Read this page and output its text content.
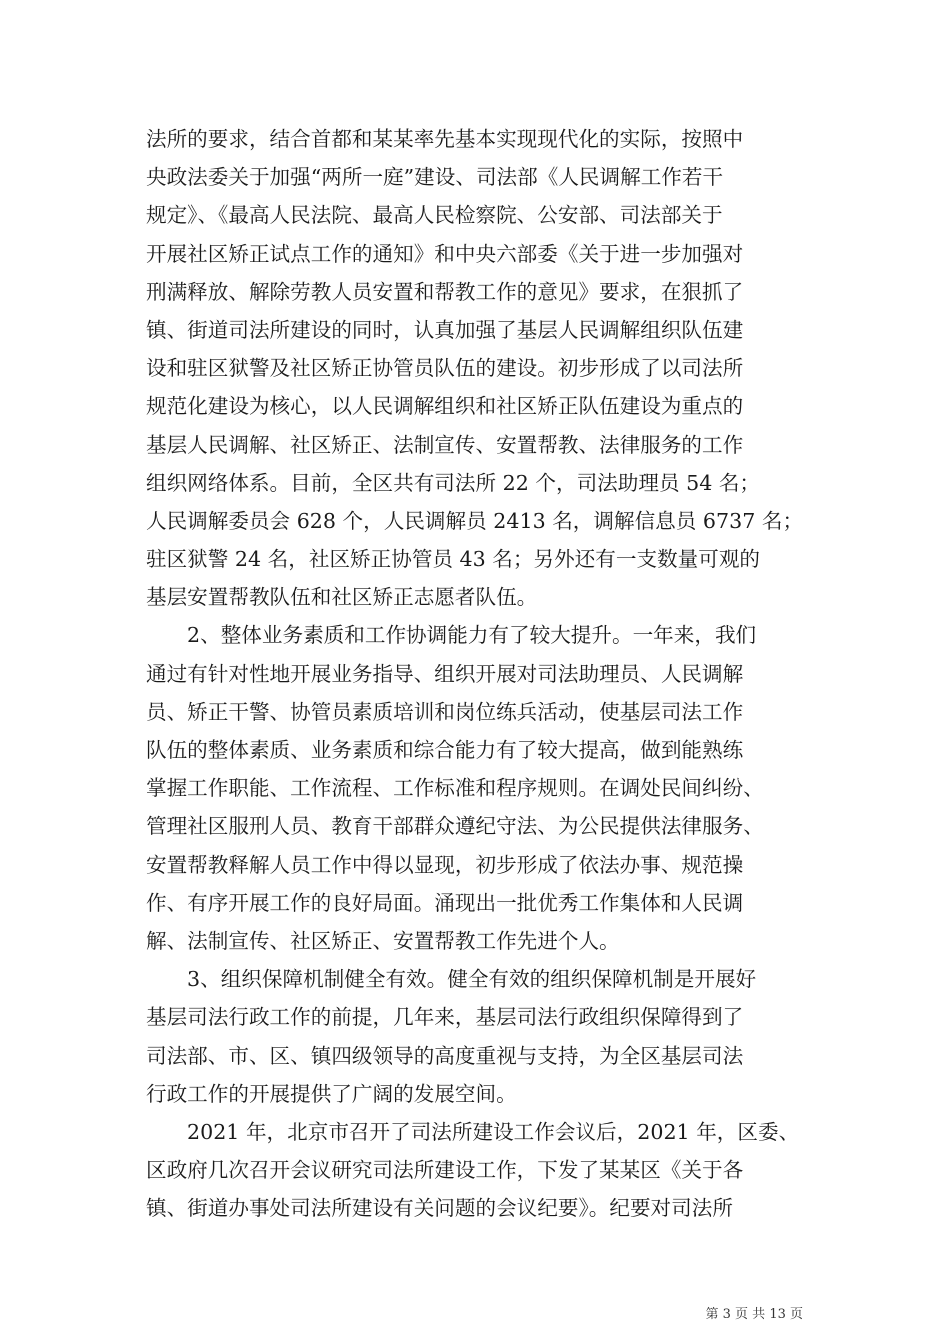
法所的要求，结合首都和某某率先基本实现现代化的实际，按照中
央政法委关于加强“两所一庭”建设、司法部《人民调解工作若干
规定》、《最高人民法院、最高人民检察院、公安部、司法部关于
开展社区矫正试点工作的通知》和中央六部委《关于进一步加强对
刑满释放、解除劳教人员安置和帮教工作的意见》要求，在狠抓了
镇、街道司法所建设的同时，认真加强了基层人民调解组织队伍建
设和驻区狱警及社区矫正协管员队伍的建设。初步形成了以司法所
规范化建设为核心，以人民调解组织和社区矫正队伍建设为重点的
基层人民调解、社区矫正、法制宣传、安置帮教、法律服务的工作
组织网络体系。目前，全区共有司法所 22 个，司法助理员 54 名；
人民调解委员会 628 个，人民调解员 2413 名，调解信息员 6737 名；
驻区狱警 24 名，社区矫正协管员 43 名；另外还有一支数量可观的
基层安置帮教队伍和社区矫正志愿者队伍。
2、整体业务素质和工作协调能力有了较大提升。一年来，我们
通过有针对性地开展业务指导、组织开展对司法助理员、人民调解
员、矫正干警、协管员素质培训和岗位练兵活动，使基层司法工作
队伍的整体素质、业务素质和综合能力有了较大提高，做到能熟练
掌握工作职能、工作流程、工作标准和程序规则。在调处民间纠纷、
管理社区服刑人员、教育干部群众遵纪守法、为公民提供法律服务、
安置帮教释解人员工作中得以显现，初步形成了依法办事、规范操
作、有序开展工作的良好局面。涌现出一批优秀工作集体和人民调
解、法制宣传、社区矫正、安置帮教工作先进个人。
3、组织保障机制健全有效。健全有效的组织保障机制是开展好
基层司法行政工作的前提，几年来，基层司法行政组织保障得到了
司法部、市、区、镇四级领导的高度重视与支持，为全区基层司法
行政工作的开展提供了广阔的发展空间。
2021 年，北京市召开了司法所建设工作会议后，2021 年，区委、
区政府几次召开会议研究司法所建设工作，下发了某某区《关于各
镇、街道办事处司法所建设有关问题的会议纪要》。纪要对司法所
第 3 页 共 13 页
